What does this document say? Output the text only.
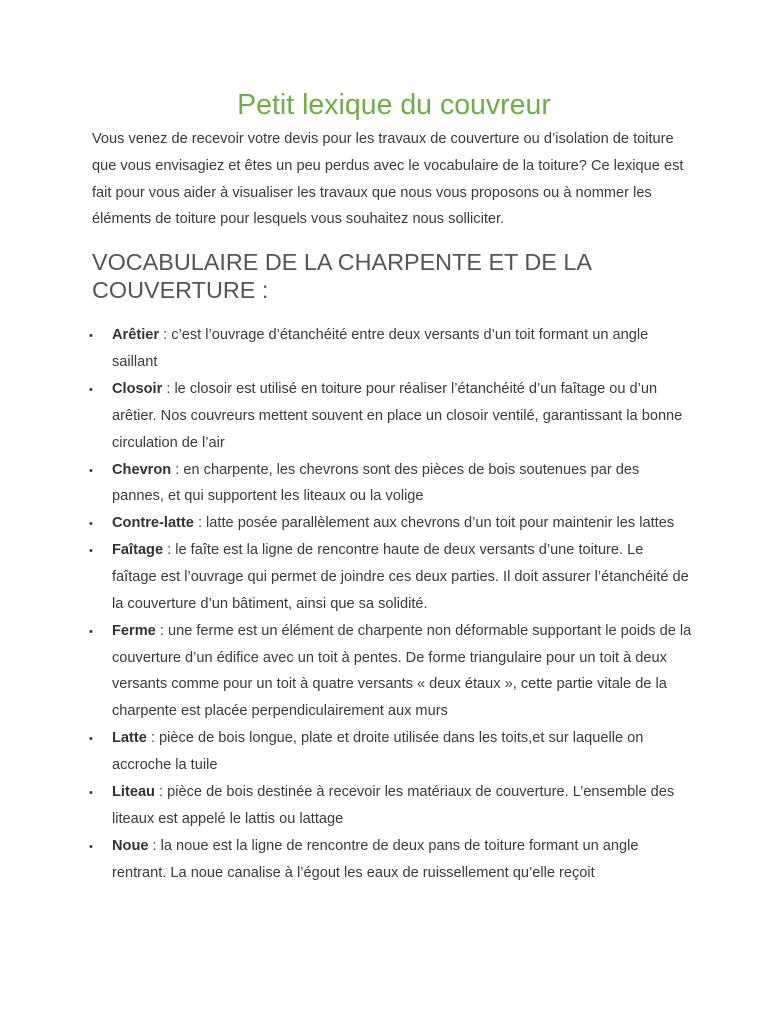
Petit lexique du couvreur

Vous venez de recevoir votre devis pour les travaux de couverture ou d’isolation de toiture que vous envisagiez et êtes un peu perdus avec le vocabulaire de la toiture? Ce lexique est fait pour vous aider à visualiser les travaux que nous vous proposons ou à nommer les éléments de toiture pour lesquels vous souhaitez nous solliciter.

VOCABULAIRE DE LA CHARPENTE ET DE LA COUVERTURE :
•	Arêtier : c’est l’ouvrage d’étanchéité entre deux versants d’un toit formant un angle saillant
•	Closoir : le closoir est utilisé en toiture pour réaliser l’étanchéité d’un faîtage ou d’un arêtier. Nos couvreurs mettent souvent en place un closoir ventilé, garantissant la bonne circulation de l’air
•	Chevron : en charpente, les chevrons sont des pièces de bois soutenues par des pannes, et qui supportent les liteaux ou la volige
•	Contre-latte : latte posée parallèlement aux chevrons d’un toit pour maintenir les lattes
•	Faîtage : le faîte est la ligne de rencontre haute de deux versants d’une toiture. Le faîtage est l’ouvrage qui permet de joindre ces deux parties. Il doit assurer l’étanchéité de la couverture d’un bâtiment, ainsi que sa solidité.
•	Ferme : une ferme est un élément de charpente non déformable supportant le poids de la couverture d’un édifice avec un toit à pentes. De forme triangulaire pour un toit à deux versants comme pour un toit à quatre versants « deux étaux », cette partie vitale de la charpente est placée perpendiculairement aux murs
•	Latte : pièce de bois longue, plate et droite utilisée dans les toits,et sur laquelle on accroche la tuile
•	Liteau : pièce de bois destinée à recevoir les matériaux de couverture. L’ensemble des liteaux est appelé le lattis ou lattage
•	Noue : la noue est la ligne de rencontre de deux pans de toiture formant un angle rentrant. La noue canalise à l’égout les eaux de ruissellement qu’elle reçoit
